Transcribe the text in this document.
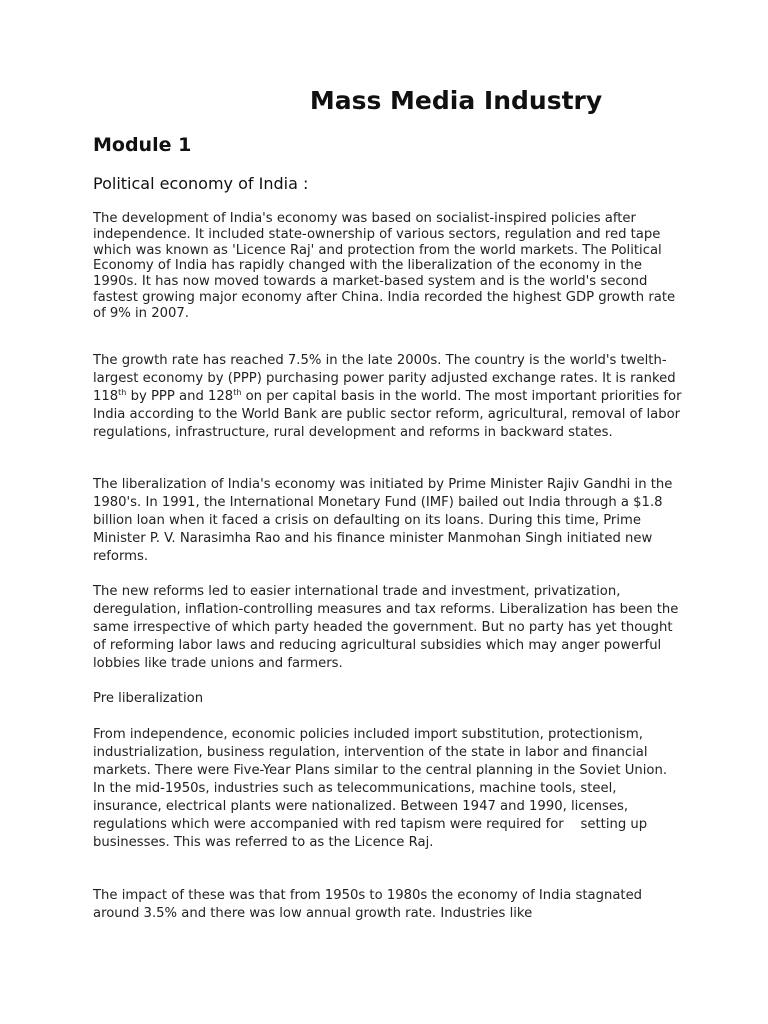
Mass Media Industry
Module 1
Political economy of India :

The development of India's economy was based on socialist-inspired policies after independence. It included state-ownership of various sectors, regulation and red tape which was known as 'Licence Raj' and protection from the world markets. The Political Economy of India has rapidly changed with the liberalization of the economy in the 1990s. It has now moved towards a market-based system and is the world's second fastest growing major economy after China. India recorded the highest GDP growth rate of 9% in 2007.

The growth rate has reached 7.5% in the late 2000s. The country is the world's twelth-largest economy by (PPP) purchasing power parity adjusted exchange rates. It is ranked 118th by PPP and 128th on per capital basis in the world. The most important priorities for India according to the World Bank are public sector reform, agricultural, removal of labor regulations, infrastructure, rural development and reforms in backward states.

The liberalization of India's economy was initiated by Prime Minister Rajiv Gandhi in the 1980's. In 1991, the International Monetary Fund (IMF) bailed out India through a $1.8 billion loan when it faced a crisis on defaulting on its loans. During this time, Prime Minister P. V. Narasimha Rao and his finance minister Manmohan Singh initiated new reforms.

The new reforms led to easier international trade and investment, privatization, deregulation, inflation-controlling measures and tax reforms. Liberalization has been the same irrespective of which party headed the government. But no party has yet thought of reforming labor laws and reducing agricultural subsidies which may anger powerful lobbies like trade unions and farmers.

Pre liberalization

From independence, economic policies included import substitution, protectionism, industrialization, business regulation, intervention of the state in labor and financial markets. There were Five-Year Plans similar to the central planning in the Soviet Union. In the mid-1950s, industries such as telecommunications, machine tools, steel, insurance, electrical plants were nationalized. Between 1947 and 1990, licenses, regulations which were accompanied with red tapism were required for    setting up businesses. This was referred to as the Licence Raj.

The impact of these was that from 1950s to 1980s the economy of India stagnated around 3.5% and there was low annual growth rate. Industries like
